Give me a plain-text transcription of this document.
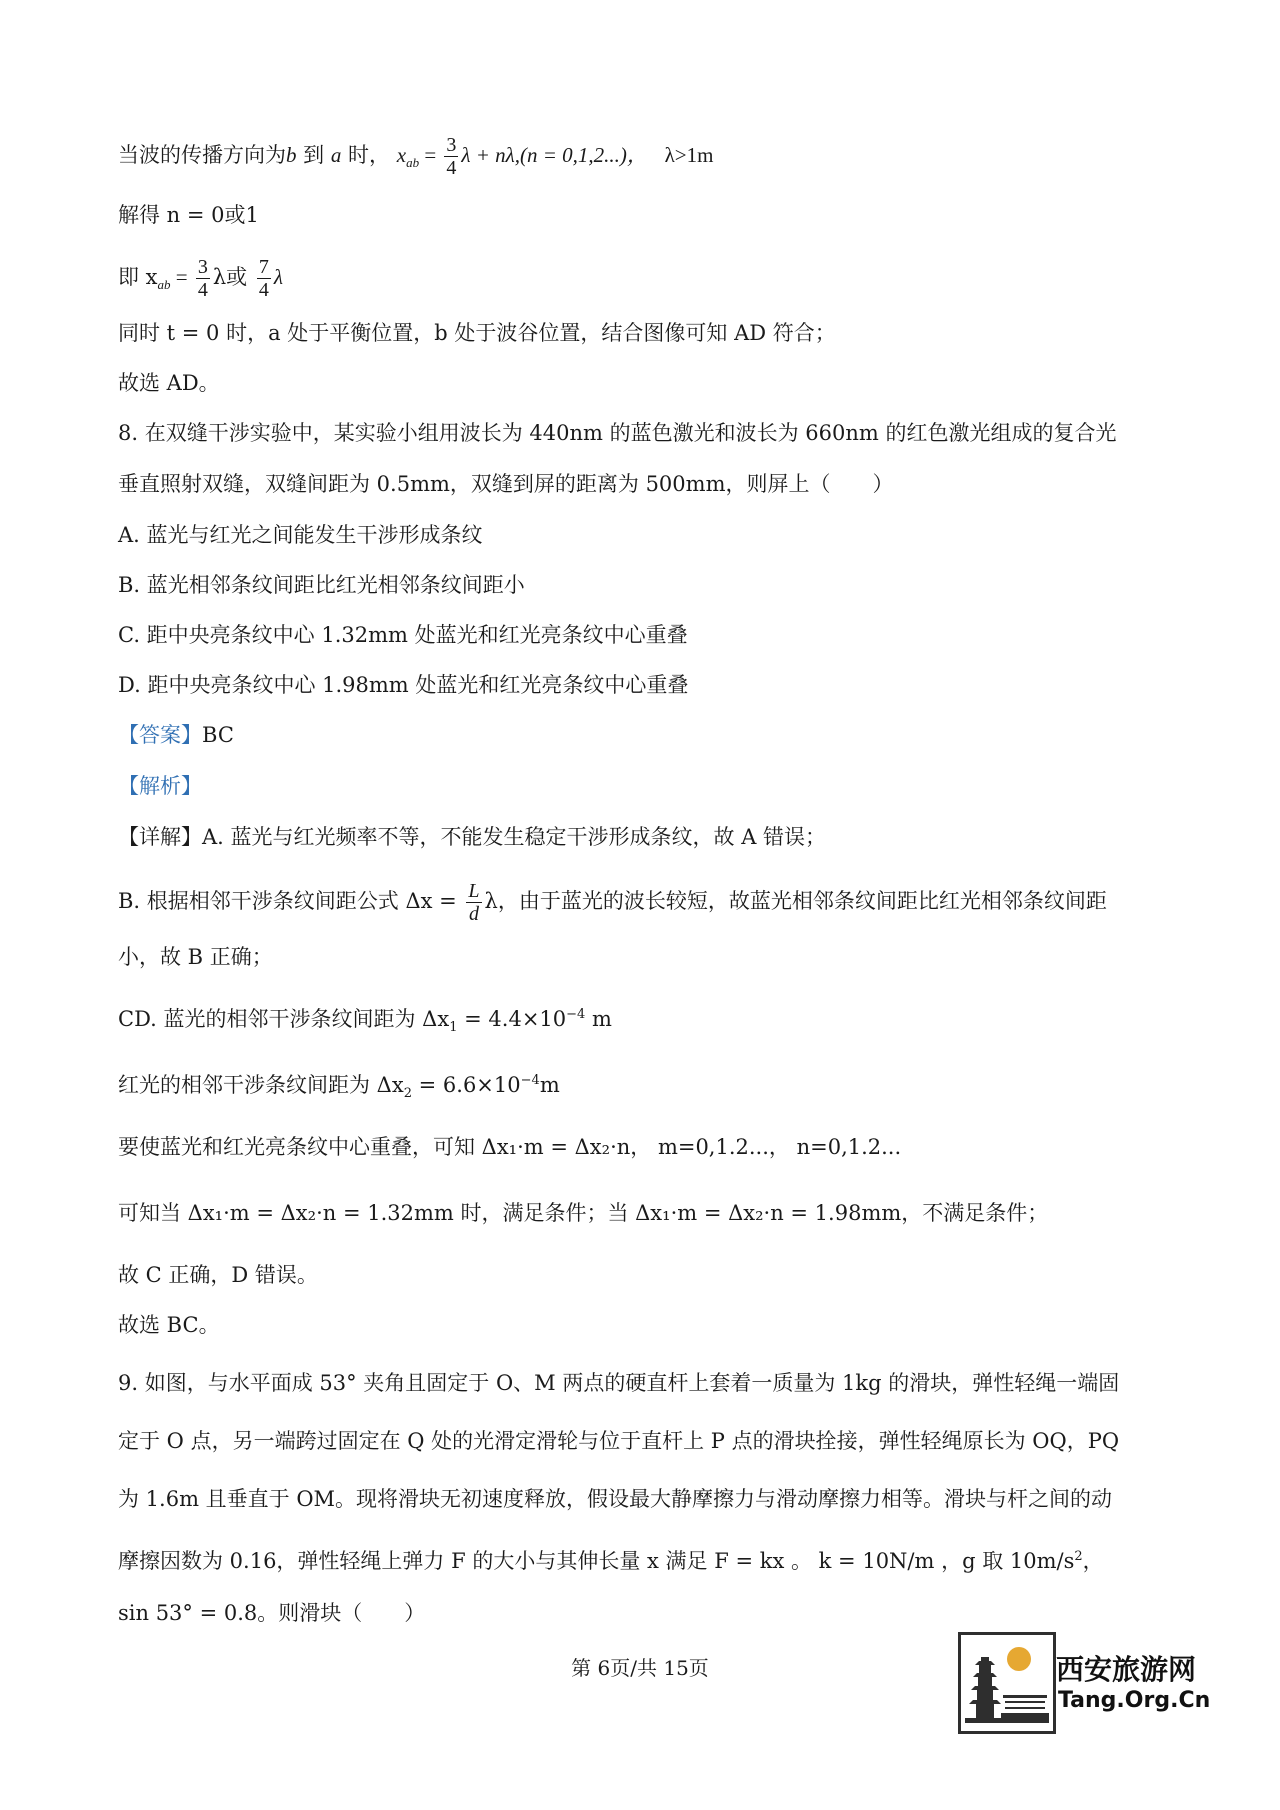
当波的传播方向为b 到 a 时， $x_{ab} = \frac{3}{4}$ λ + nλ,(n = 0,1,2...)， λ>1m
解得 n = 0或1
即 $x_{ab} = \frac{3}{4}$ λ或 $\frac{7}{4}$ λ
同时 t = 0 时，a 处于平衡位置，b 处于波谷位置，结合图像可知 AD 符合；
故选 AD。
8. 在双缝干涉实验中，某实验小组用波长为 440nm 的蓝色激光和波长为 660nm 的红色激光组成的复合光
垂直照射双缝，双缝间距为 0.5mm，双缝到屏的距离为 500mm，则屏上（　　）
A. 蓝光与红光之间能发生干涉形成条纹
B. 蓝光相邻条纹间距比红光相邻条纹间距小
C. 距中央亮条纹中心 1.32mm 处蓝光和红光亮条纹中心重叠
D. 距中央亮条纹中心 1.98mm 处蓝光和红光亮条纹中心重叠
【答案】BC
【解析】
【详解】A. 蓝光与红光频率不等，不能发生稳定干涉形成条纹，故 A 错误；
B. 根据相邻干涉条纹间距公式 $\Delta x = \frac{L}{d}$ λ，由于蓝光的波长较短，故蓝光相邻条纹间距比红光相邻条纹间距
小，故 B 正确；
CD. 蓝光的相邻干涉条纹间距为 $\Delta x_1 = 4.4\times 10^{-4}$ m
红光的相邻干涉条纹间距为 $\Delta x_2 = 6.6\times 10^{-4}m$
要使蓝光和红光亮条纹中心重叠，可知 Δx₁·m = Δx₂·n， m=0,1.2...， n=0,1.2...
可知当 Δx₁·m = Δx₂·n = 1.32mm 时，满足条件；当 Δx₁·m = Δx₂·n = 1.98mm，不满足条件；
故 C 正确，D 错误。
故选 BC。
9. 如图，与水平面成 53° 夹角且固定于 O、M 两点的硬直杆上套着一质量为 1kg 的滑块，弹性轻绳一端固
定于 O 点，另一端跨过固定在 Q 处的光滑定滑轮与位于直杆上 P 点的滑块拴接，弹性轻绳原长为 OQ，PQ
为 1.6m 且垂直于 OM。现将滑块无初速度释放，假设最大静摩擦力与滑动摩擦力相等。滑块与杆之间的动
摩擦因数为 0.16，弹性轻绳上弹力 F 的大小与其伸长量 x 满足 F = kx 。 k = 10N/m ，g 取 $10m/s^2$，
sin 53° = 0.8。则滑块（　　）
第 6页/共 15页	西安旅游网
Tang.Org.Cn
